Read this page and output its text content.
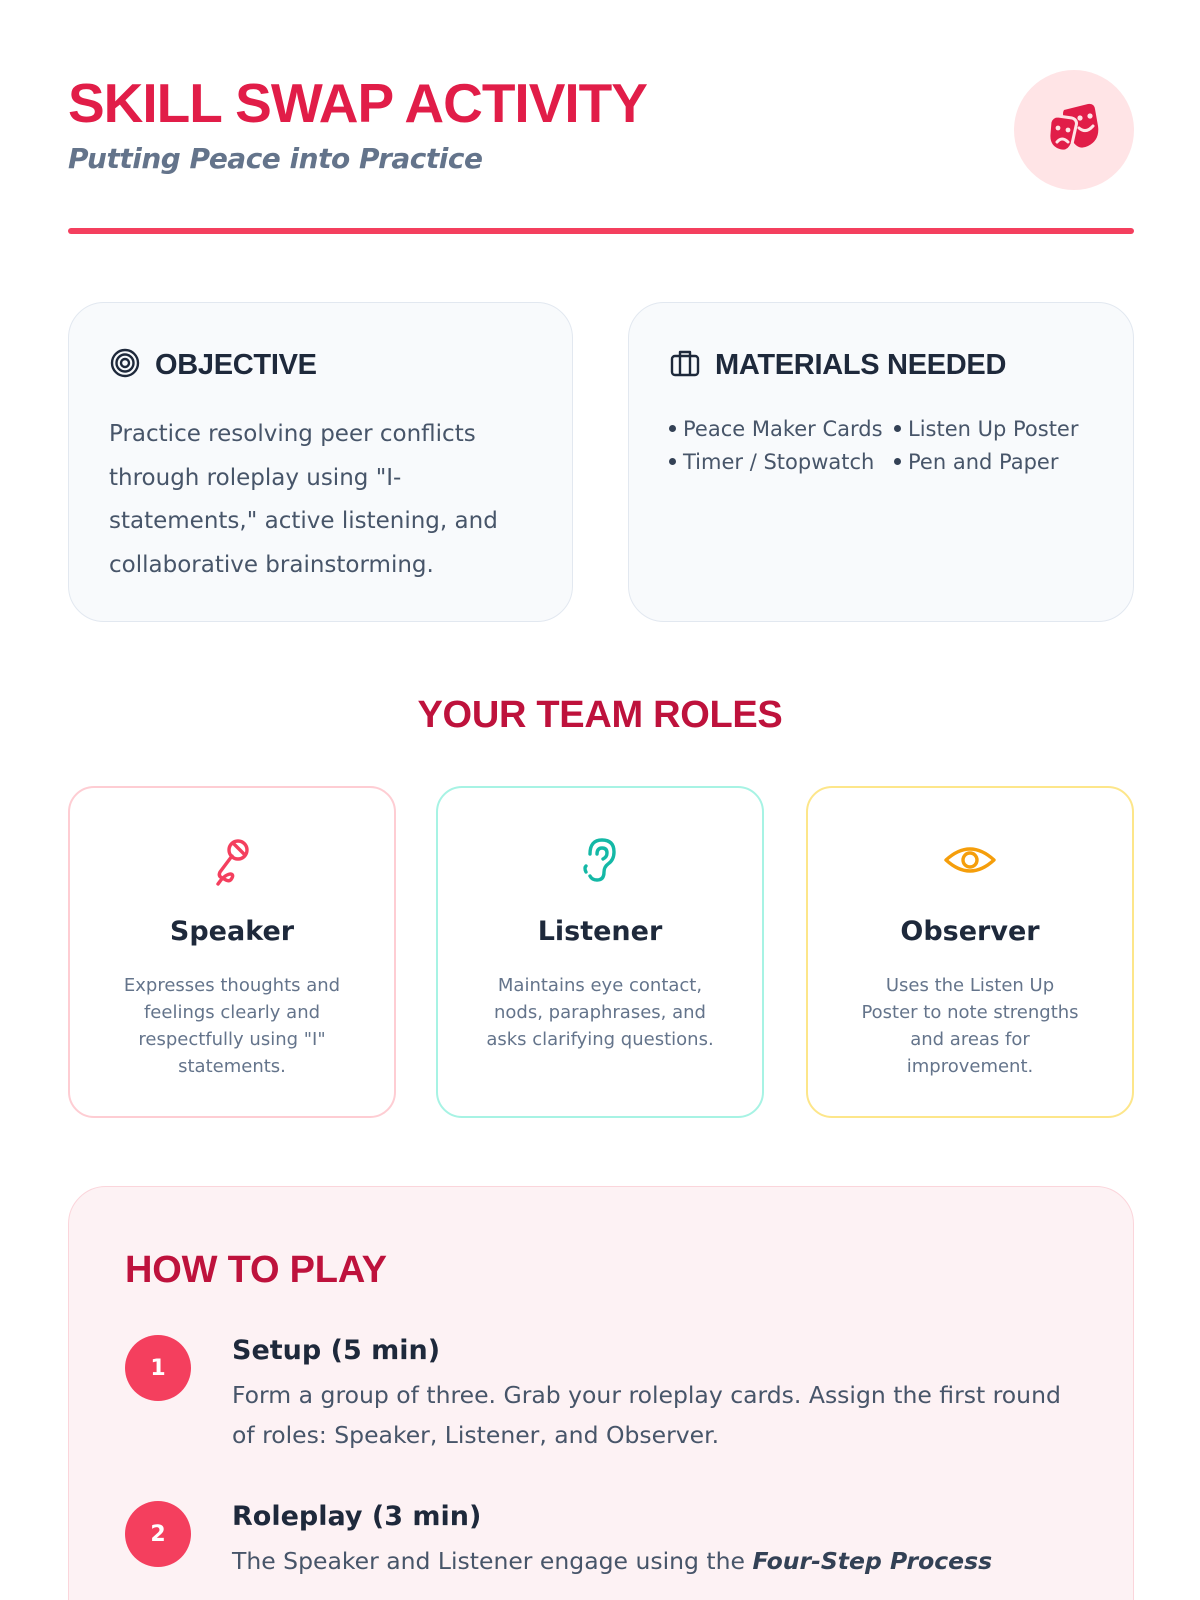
SKILL SWAP ACTIVITY
Putting Peace into Practice
OBJECTIVE
Practice resolving peer conflicts through roleplay using "I-statements," active listening, and collaborative brainstorming.
MATERIALS NEEDED
Peace Maker Cards	Listen Up Poster
Timer / Stopwatch	Pen and Paper
YOUR TEAM ROLES
Speaker
Expresses thoughts and feelings clearly and respectfully using "I" statements.
Listener
Maintains eye contact, nods, paraphrases, and asks clarifying questions.
Observer
Uses the Listen Up Poster to note strengths and areas for improvement.
HOW TO PLAY
1
Setup (5 min)
Form a group of three. Grab your roleplay cards. Assign the first round of roles: Speaker, Listener, and Observer.
2
Roleplay (3 min)
The Speaker and Listener engage using the Four-Step Process
